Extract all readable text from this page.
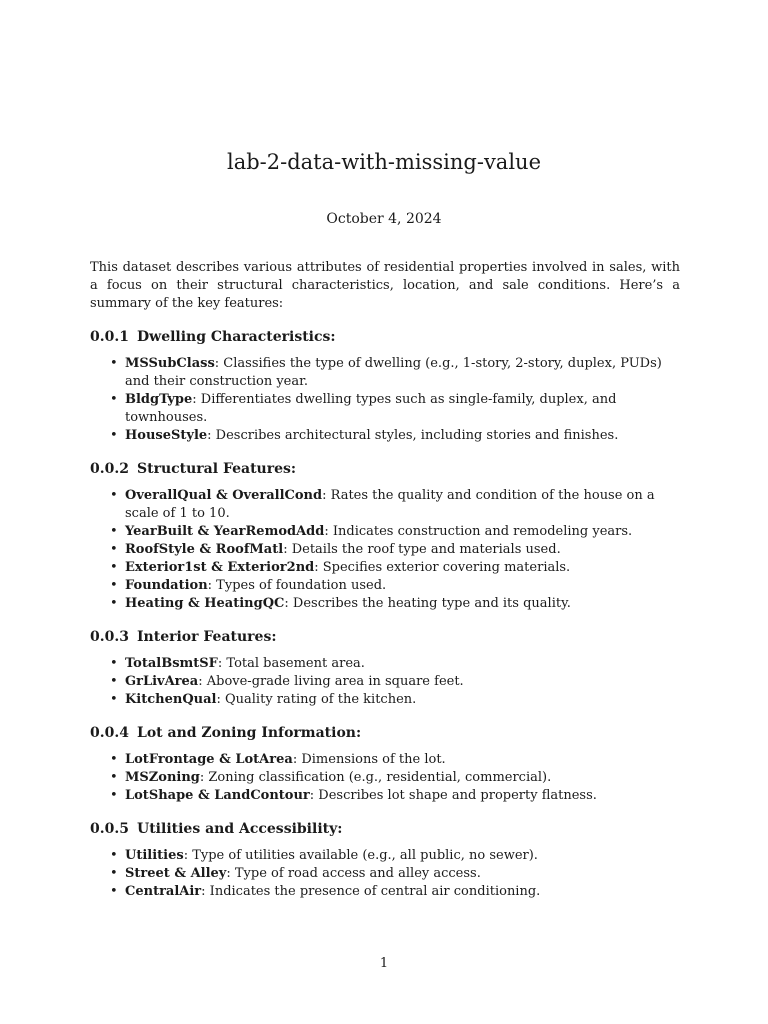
lab-2-data-with-missing-value
October 4, 2024

This dataset describes various attributes of residential properties involved in sales, with a focus on their structural characteristics, location, and sale conditions. Here’s a summary of the key features:

0.0.1 Dwelling Characteristics:
• MSSubClass: Classifies the type of dwelling (e.g., 1-story, 2-story, duplex, PUDs) and their construction year.
• BldgType: Differentiates dwelling types such as single-family, duplex, and townhouses.
• HouseStyle: Describes architectural styles, including stories and finishes.
0.0.2 Structural Features:
• OverallQual & OverallCond: Rates the quality and condition of the house on a scale of 1 to 10.
• YearBuilt & YearRemodAdd: Indicates construction and remodeling years.
• RoofStyle & RoofMatl: Details the roof type and materials used.
• Exterior1st & Exterior2nd: Specifies exterior covering materials.
• Foundation: Types of foundation used.
• Heating & HeatingQC: Describes the heating type and its quality.
0.0.3 Interior Features:
• TotalBsmtSF: Total basement area.
• GrLivArea: Above-grade living area in square feet.
• KitchenQual: Quality rating of the kitchen.
0.0.4 Lot and Zoning Information:
• LotFrontage & LotArea: Dimensions of the lot.
• MSZoning: Zoning classification (e.g., residential, commercial).
• LotShape & LandContour: Describes lot shape and property flatness.
0.0.5 Utilities and Accessibility:
• Utilities: Type of utilities available (e.g., all public, no sewer).
• Street & Alley: Type of road access and alley access.
• CentralAir: Indicates the presence of central air conditioning.
1
